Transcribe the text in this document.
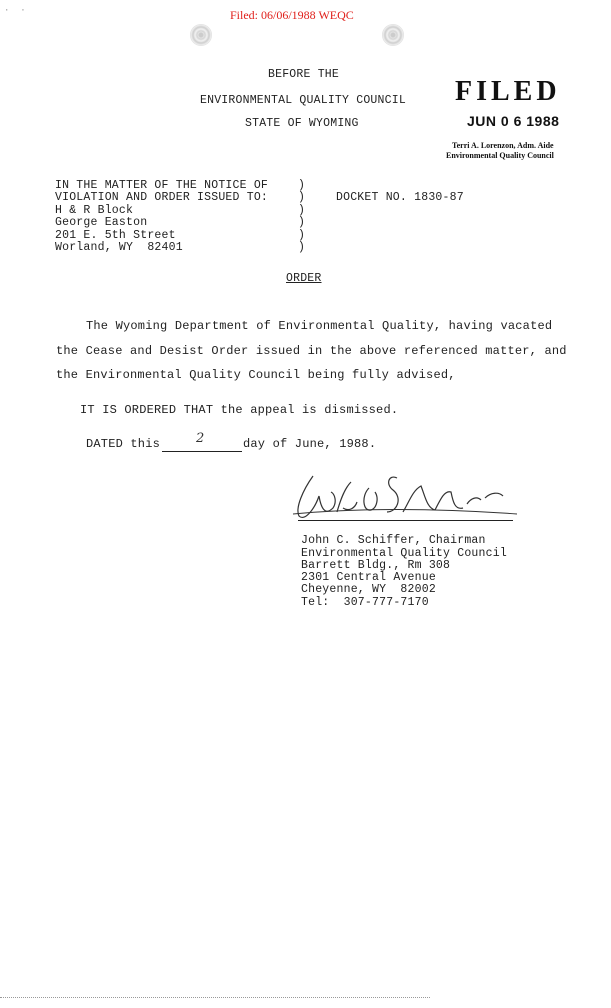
Filed: 06/06/1988 WEQC
·  ·
BEFORE THE
ENVIRONMENTAL QUALITY COUNCIL
STATE OF WYOMING
FILED
JUN 0 6 1988
Terri A. Lorenzon, Adm. Aide
Environmental Quality Council

IN THE MATTER OF THE NOTICE OF
VIOLATION AND ORDER ISSUED TO:
H & R Block
George Easton
201 E. 5th Street
Worland, WY  82401

)
)
)
)
)
)

DOCKET NO. 1830-87
ORDER
The Wyoming Department of Environmental Quality, having vacated
the Cease and Desist Order issued in the above referenced matter, and
the Environmental Quality Council being fully advised,
IT IS ORDERED THAT the appeal is dismissed.
DATED this	2	day of June, 1988.

John C. Schiffer, Chairman
Environmental Quality Council
Barrett Bldg., Rm 308
2301 Central Avenue
Cheyenne, WY  82002
Tel:  307-777-7170
